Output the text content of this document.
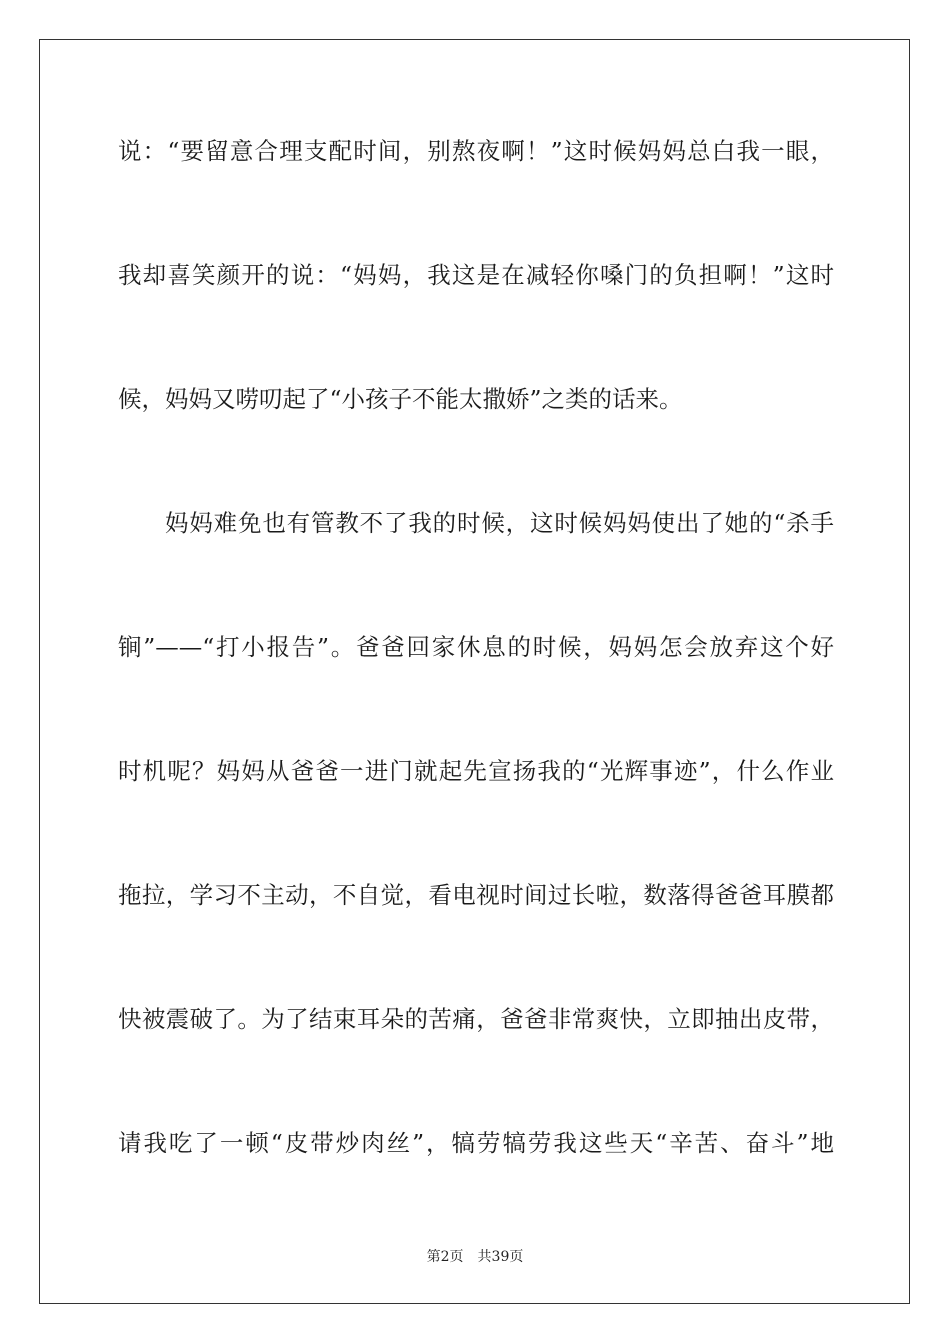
说：“要留意合理支配时间，别熬夜啊！”这时候妈妈总白我一眼，
我却喜笑颜开的说：“妈妈，我这是在减轻你嗓门的负担啊！”这时
候，妈妈又唠叨起了“小孩子不能太撒娇”之类的话来。
妈妈难免也有管教不了我的时候，这时候妈妈使出了她的“杀手
锏”——“打小报告”。爸爸回家休息的时候，妈妈怎会放弃这个好
时机呢？妈妈从爸爸一进门就起先宣扬我的“光辉事迹”，什么作业
拖拉，学习不主动，不自觉，看电视时间过长啦，数落得爸爸耳膜都
快被震破了。为了结束耳朵的苦痛，爸爸非常爽快，立即抽出皮带，
请我吃了一顿“皮带炒肉丝”，犒劳犒劳我这些天“辛苦、奋斗”地
第2页 共39页
